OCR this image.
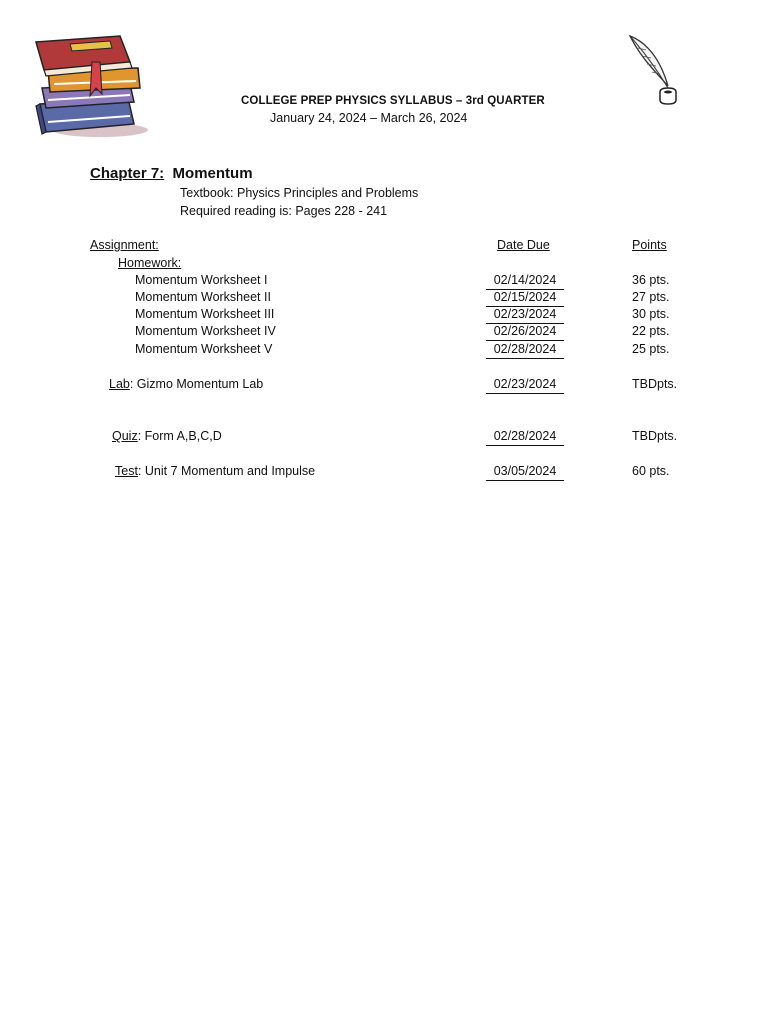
COLLEGE PREP PHYSICS SYLLABUS – 3rd QUARTER
January 24, 2024 – March 26, 2024
Chapter 7: Momentum
Textbook: Physics Principles and Problems
Required reading is: Pages 228 - 241
Assignment:	Date Due	Points
Homework:
Momentum Worksheet I	02/14/2024	36 pts.
Momentum Worksheet II	02/15/2024	27 pts.
Momentum Worksheet III	02/23/2024	30 pts.
Momentum Worksheet IV	02/26/2024	22 pts.
Momentum Worksheet V	02/28/2024	25 pts.
Lab: Gizmo Momentum Lab	02/23/2024	TBDpts.
Quiz: Form A,B,C,D	02/28/2024	TBDpts.
Test: Unit 7 Momentum and Impulse	03/05/2024	60 pts.
